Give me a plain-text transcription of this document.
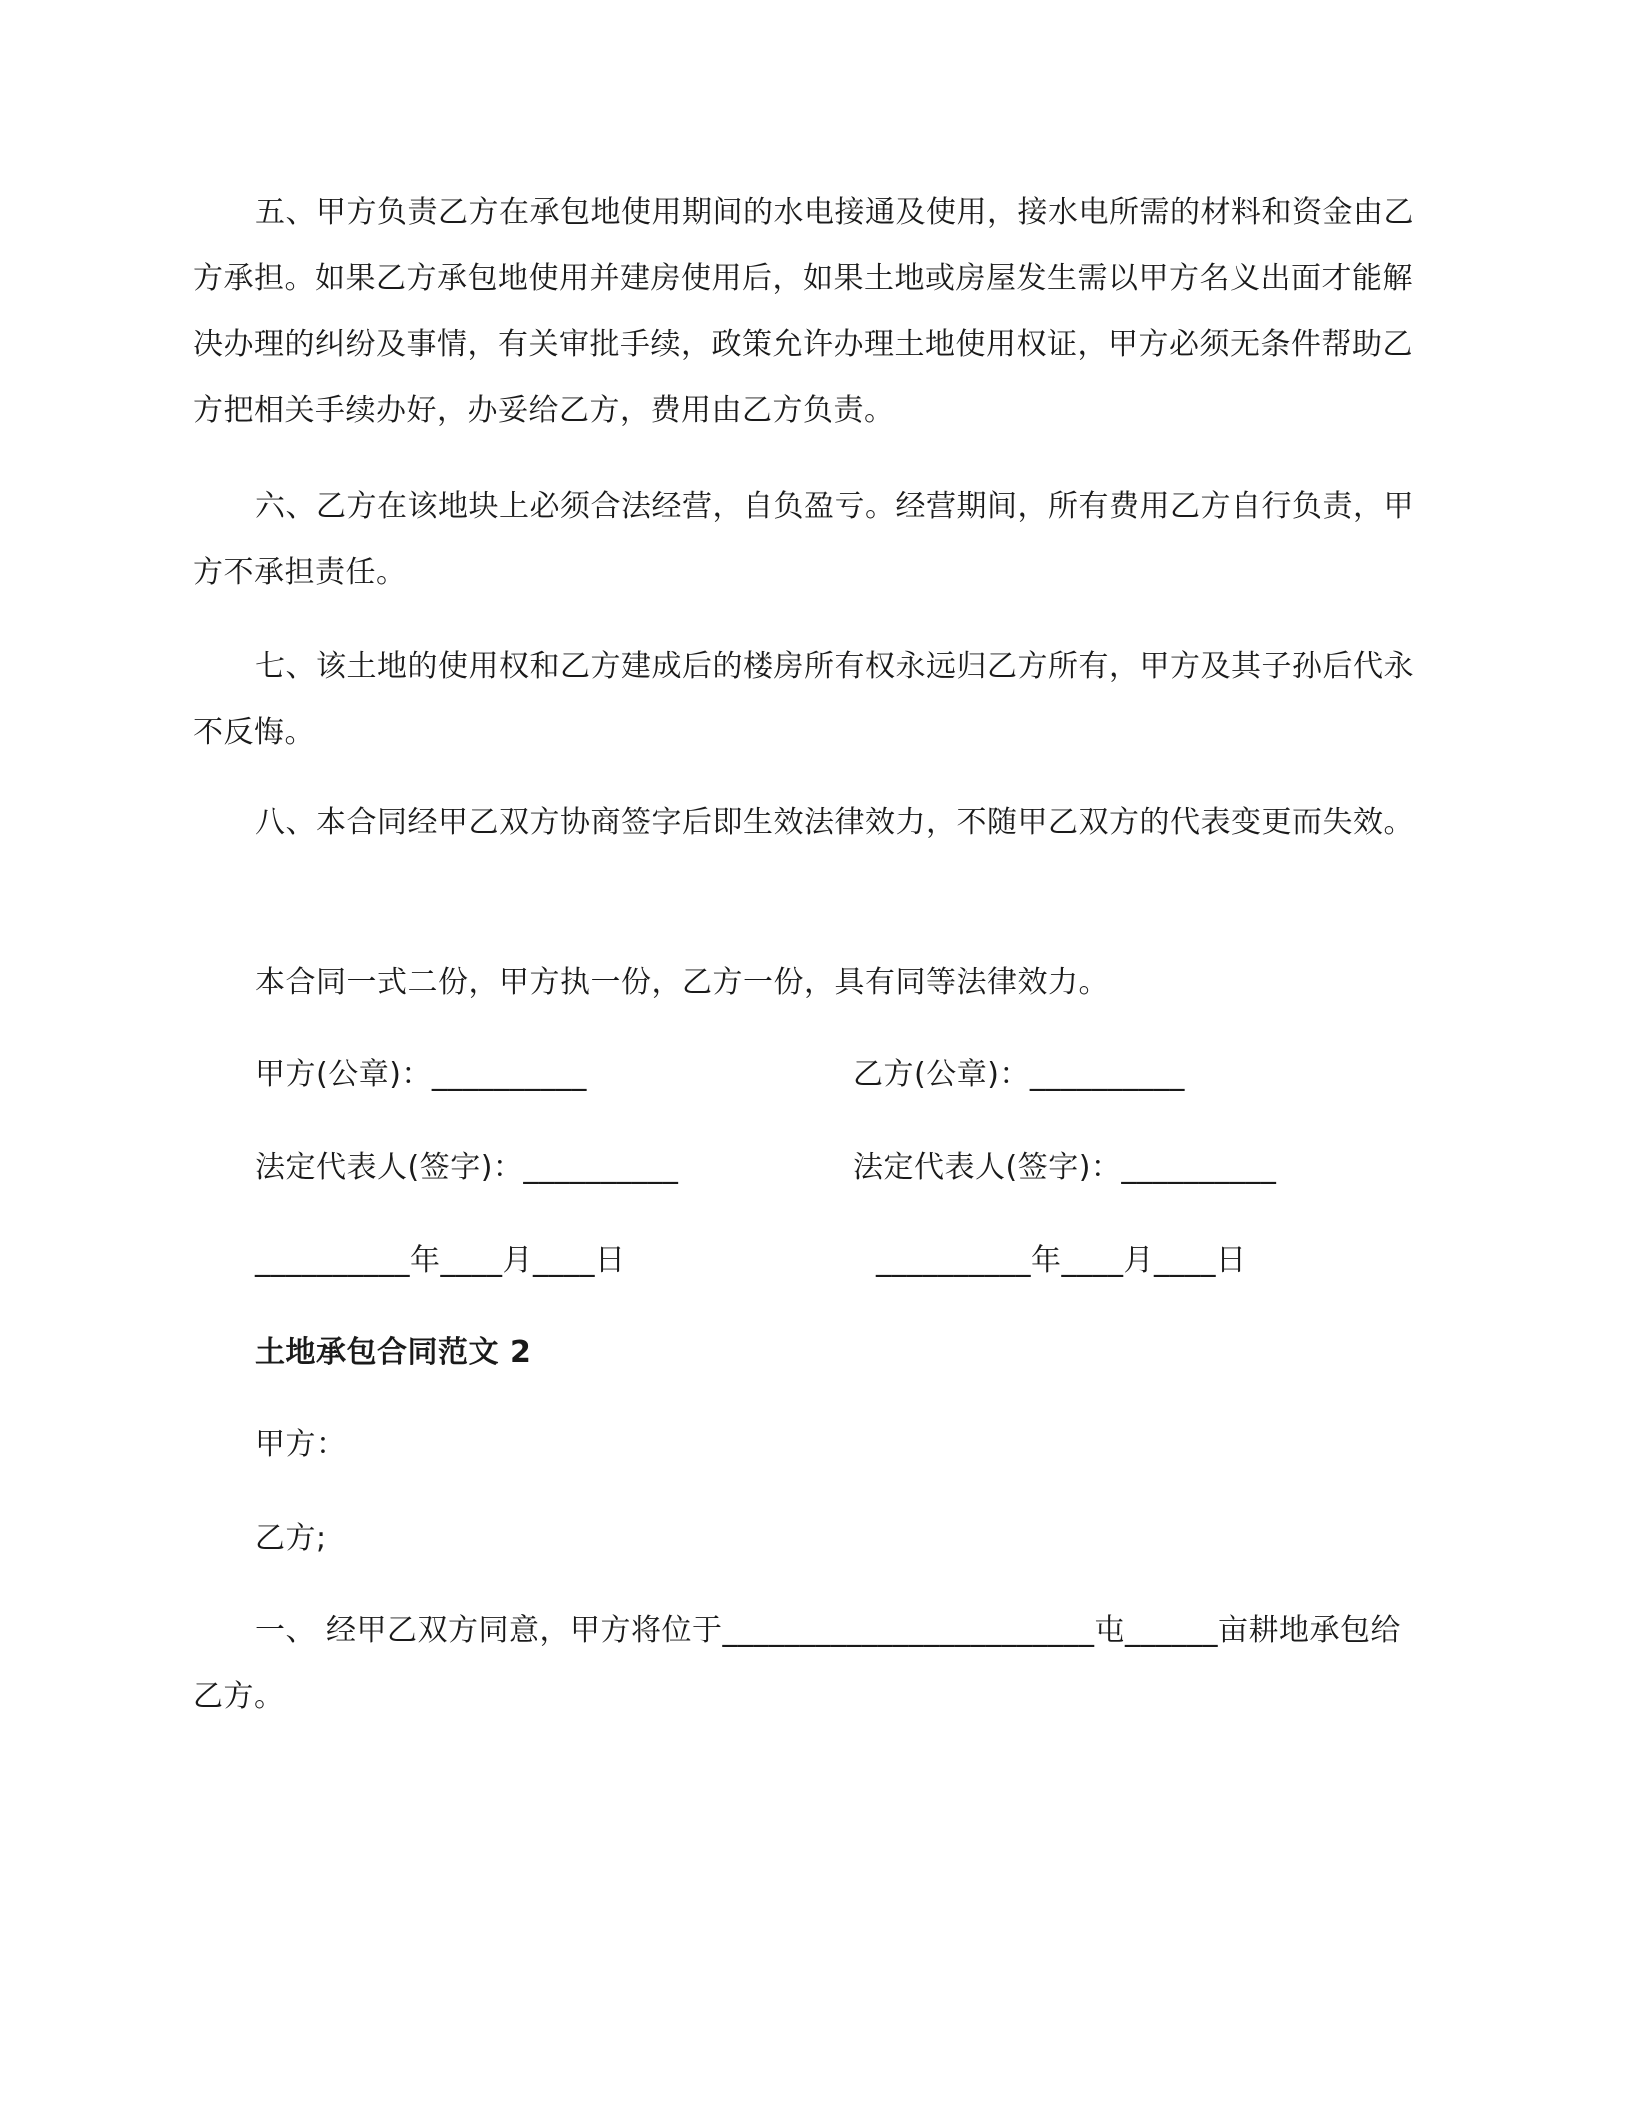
五、甲方负责乙方在承包地使用期间的水电接通及使用，接水电所需的材料和资金由乙方承担。如果乙方承包地使用并建房使用后，如果土地或房屋发生需以甲方名义出面才能解决办理的纠纷及事情，有关审批手续，政策允许办理土地使用权证，甲方必须无条件帮助乙方把相关手续办好，办妥给乙方，费用由乙方负责。
六、乙方在该地块上必须合法经营，自负盈亏。经营期间，所有费用乙方自行负责，甲方不承担责任。
七、该土地的使用权和乙方建成后的楼房所有权永远归乙方所有，甲方及其子孙后代永不反悔。
八、本合同经甲乙双方协商签字后即生效法律效力，不随甲乙双方的代表变更而失效。
本合同一式二份，甲方执一份，乙方一份，具有同等法律效力。
甲方(公章)：__________	乙方(公章)：__________
法定代表人(签字)：__________	法定代表人(签字)：__________
__________年____月____日	__________年____月____日
土地承包合同范文 2
甲方：
乙方;
一、 经甲乙双方同意，甲方将位于________________________屯______亩耕地承包给乙方。
